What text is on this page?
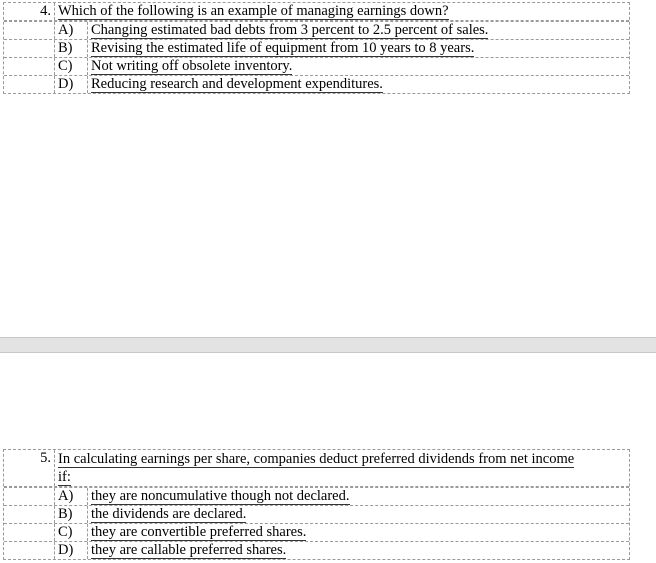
4. Which of the following is an example of managing earnings down?
A)	Changing estimated bad debts from 3 percent to 2.5 percent of sales.
B)	Revising the estimated life of equipment from 10 years to 8 years.
C)	Not writing off obsolete inventory.
D)	Reducing research and development expenditures.
5. In calculating earnings per share, companies deduct preferred dividends from net income if:
A)	they are noncumulative though not declared.
B)	the dividends are declared.
C)	they are convertible preferred shares.
D)	they are callable preferred shares.
